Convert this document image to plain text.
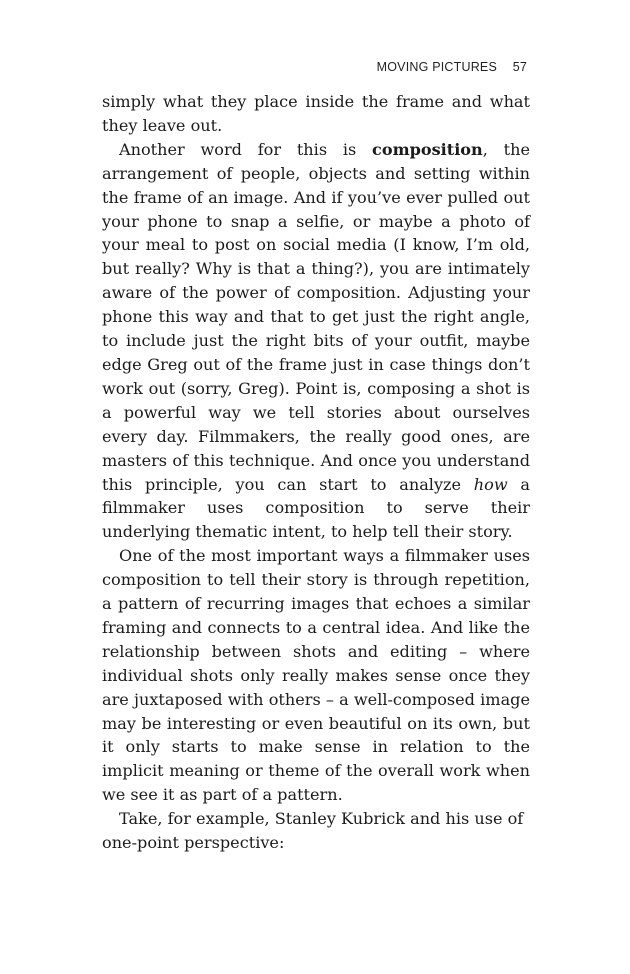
MOVING PICTURES 57

simply what they place inside the frame and what they leave out.

Another word for this is composition, the arrangement of people, objects and setting within the frame of an image. And if you’ve ever pulled out your phone to snap a selfie, or maybe a photo of your meal to post on social media (I know, I’m old, but really? Why is that a thing?), you are intimately aware of the power of composition. Adjusting your phone this way and that to get just the right angle, to include just the right bits of your outfit, maybe edge Greg out of the frame just in case things don’t work out (sorry, Greg). Point is, composing a shot is a powerful way we tell stories about ourselves every day. Filmmakers, the really good ones, are masters of this technique. And once you understand this principle, you can start to analyze how a filmmaker uses composition to serve their underlying thematic intent, to help tell their story.

One of the most important ways a filmmaker uses composition to tell their story is through repetition, a pattern of recurring images that echoes a similar framing and connects to a central idea. And like the relationship between shots and editing – where individual shots only really makes sense once they are juxtaposed with others – a well-composed image may be interesting or even beautiful on its own, but it only starts to make sense in relation to the implicit meaning or theme of the overall work when we see it as part of a pattern.

Take, for example, Stanley Kubrick and his use of one-point perspective:
